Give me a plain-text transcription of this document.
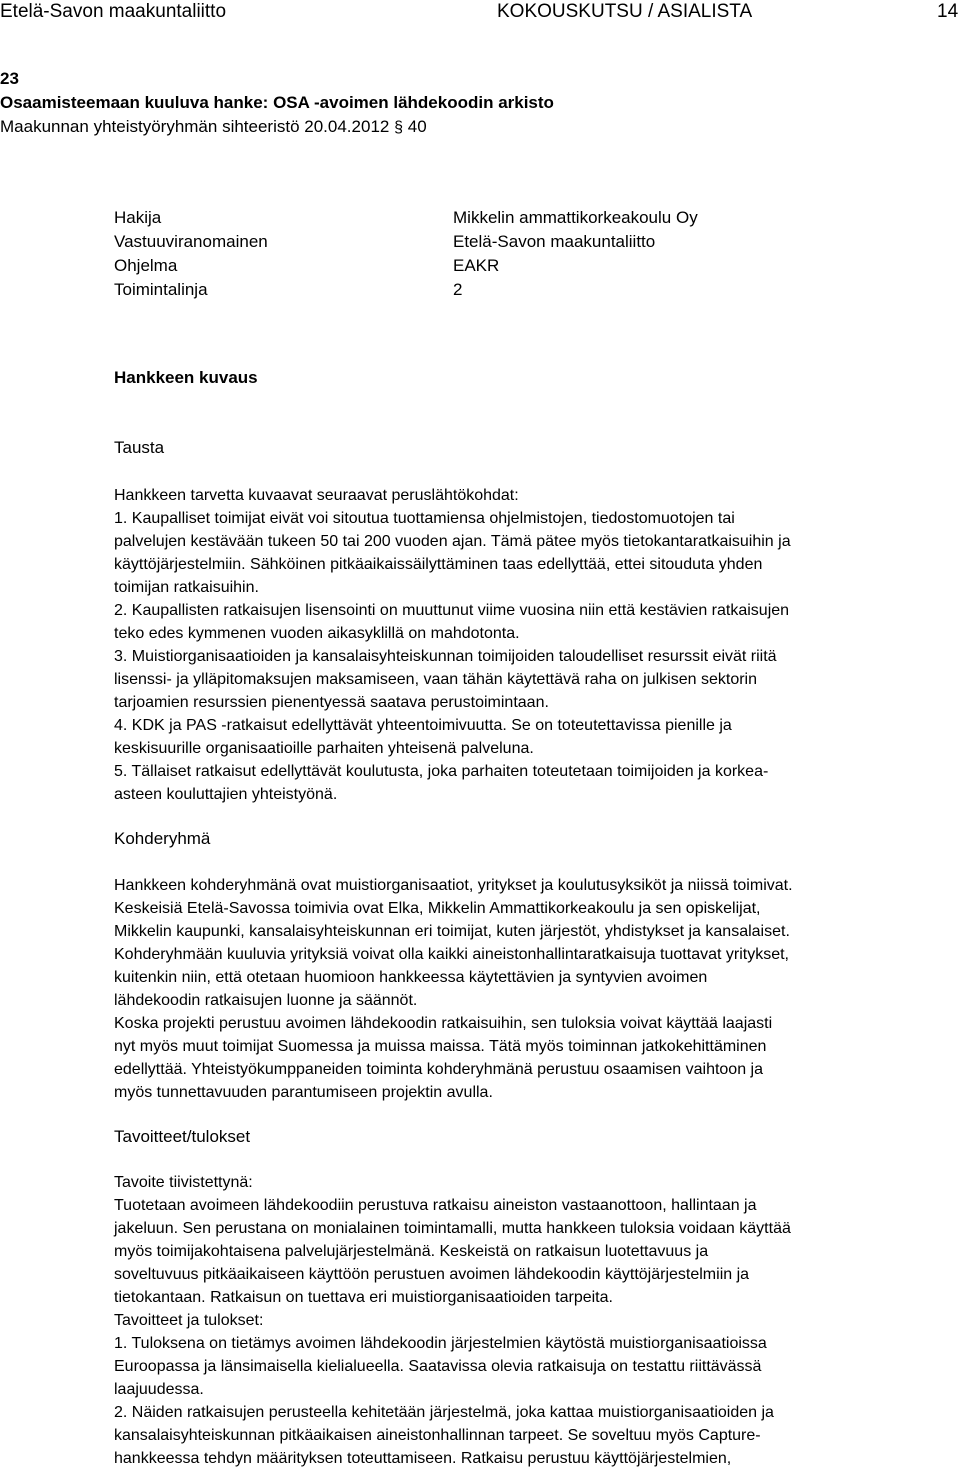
Etelä-Savon maakuntaliitto	KOKOUSKUTSU / ASIALISTA	14
23
Osaamisteemaan kuuluva hanke: OSA -avoimen lähdekoodin arkisto
Maakunnan yhteistyöryhmän sihteeristö 20.04.2012 § 40
Hakija	Mikkelin ammattikorkeakoulu Oy
Vastuuviranomainen	Etelä-Savon maakuntaliitto
Ohjelma	EAKR
Toimintalinja	2
Hankkeen kuvaus
Tausta

Hankkeen tarvetta kuvaavat seuraavat peruslähtökohdat:
1. Kaupalliset toimijat eivät voi sitoutua tuottamiensa ohjelmistojen, tiedostomuotojen tai
palvelujen kestävään tukeen 50 tai 200 vuoden ajan. Tämä pätee myös tietokantaratkaisuihin ja
käyttöjärjestelmiin. Sähköinen pitkäaikaissäilyttäminen taas edellyttää, ettei sitouduta yhden
toimijan ratkaisuihin.
2. Kaupallisten ratkaisujen lisensointi on muuttunut viime vuosina niin että kestävien ratkaisujen
teko edes kymmenen vuoden aikasyklillä on mahdotonta.
3. Muistiorganisaatioiden ja kansalaisyhteiskunnan toimijoiden taloudelliset resurssit eivät riitä
lisenssi- ja ylläpitomaksujen maksamiseen, vaan tähän käytettävä raha on julkisen sektorin
tarjoamien resurssien pienentyessä saatava perustoimintaan.
4. KDK ja PAS -ratkaisut edellyttävät yhteentoimivuutta. Se on toteutettavissa pienille ja
keskisuurille organisaatioille parhaiten yhteisenä palveluna.
5. Tällaiset ratkaisut edellyttävät koulutusta, joka parhaiten toteutetaan toimijoiden ja korkea-
asteen kouluttajien yhteistyönä.

Kohderyhmä

Hankkeen kohderyhmänä ovat muistiorganisaatiot, yritykset ja koulutusyksiköt ja niissä toimivat.
Keskeisiä Etelä-Savossa toimivia ovat Elka, Mikkelin Ammattikorkeakoulu ja sen opiskelijat,
Mikkelin kaupunki, kansalaisyhteiskunnan eri toimijat, kuten järjestöt, yhdistykset ja kansalaiset.
Kohderyhmään kuuluvia yrityksiä voivat olla kaikki aineistonhallintaratkaisuja tuottavat yritykset,
kuitenkin niin, että otetaan huomioon hankkeessa käytettävien ja syntyvien avoimen
lähdekoodin ratkaisujen luonne ja säännöt.
Koska projekti perustuu avoimen lähdekoodin ratkaisuihin, sen tuloksia voivat käyttää laajasti
nyt myös muut toimijat Suomessa ja muissa maissa. Tätä myös toiminnan jatkokehittäminen
edellyttää. Yhteistyökumppaneiden toiminta kohderyhmänä perustuu osaamisen vaihtoon ja
myös tunnettavuuden parantumiseen projektin avulla.

Tavoitteet/tulokset

Tavoite tiivistettynä:
Tuotetaan avoimeen lähdekoodiin perustuva ratkaisu aineiston vastaanottoon, hallintaan ja
jakeluun. Sen perustana on monialainen toimintamalli, mutta hankkeen tuloksia voidaan käyttää
myös toimijakohtaisena palvelujärjestelmänä. Keskeistä on ratkaisun luotettavuus ja
soveltuvuus pitkäaikaiseen käyttöön perustuen avoimen lähdekoodin käyttöjärjestelmiin ja
tietokantaan. Ratkaisun on tuettava eri muistiorganisaatioiden tarpeita.
Tavoitteet ja tulokset:
1. Tuloksena on tietämys avoimen lähdekoodin järjestelmien käytöstä muistiorganisaatioissa
Euroopassa ja länsimaisella kielialueella. Saatavissa olevia ratkaisuja on testattu riittävässä
laajuudessa.
2. Näiden ratkaisujen perusteella kehitetään järjestelmä, joka kattaa muistiorganisaatioiden ja
kansalaisyhteiskunnan pitkäaikaisen aineistonhallinnan tarpeet. Se soveltuu myös Capture-
hankkeessa tehdyn määrityksen toteuttamiseen. Ratkaisu perustuu käyttöjärjestelmien,
